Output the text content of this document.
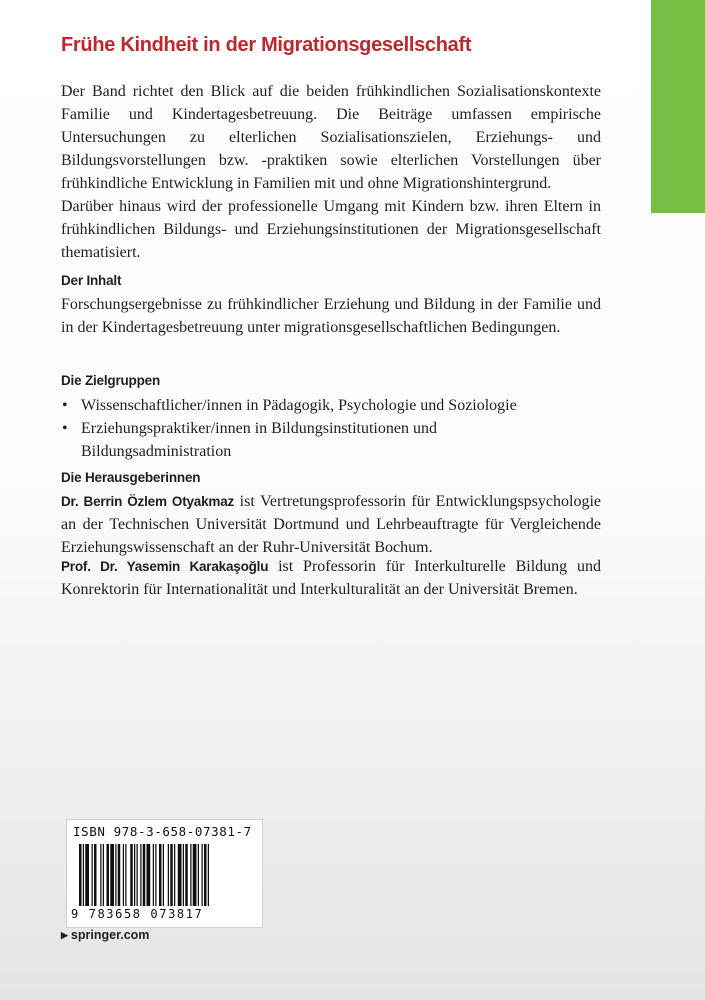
Frühe Kindheit in der Migrationsgesellschaft

Der Band richtet den Blick auf die beiden frühkindlichen Sozialisationskontexte Familie und Kindertagesbetreuung. Die Beiträge umfassen empirische Untersuchungen zu elterlichen Sozialisationszielen, Erziehungs- und Bildungsvorstellungen bzw. -praktiken sowie elterlichen Vorstellungen über frühkindliche Entwicklung in Familien mit und ohne Migrationshintergrund.

Darüber hinaus wird der professionelle Umgang mit Kindern bzw. ihren Eltern in frühkindlichen Bildungs- und Erziehungsinstitutionen der Migrationsgesellschaft thematisiert.

Der Inhalt

Forschungsergebnisse zu frühkindlicher Erziehung und Bildung in der Familie und in der Kindertagesbetreuung unter migrationsgesellschaftlichen Bedingungen.

Die Zielgruppen
• Wissenschaftlicher/innen in Pädagogik, Psychologie und Soziologie
• Erziehungspraktiker/innen in Bildungsinstitutionen und Bildungsadministration
Die Herausgeberinnen

Dr. Berrin Özlem Otyakmaz ist Vertretungsprofessorin für Entwicklungspsychologie an der Technischen Universität Dortmund und Lehrbeauftragte für Vergleichende Erziehungswissenschaft an der Ruhr-Universität Bochum.

Prof. Dr. Yasemin Karakaşoğlu ist Professorin für Interkulturelle Bildung und Konrektorin für Internationalität und Interkulturalität an der Universität Bremen.

ISBN 978-3-658-07381-7
9 783658 073817
▶ springer.com
